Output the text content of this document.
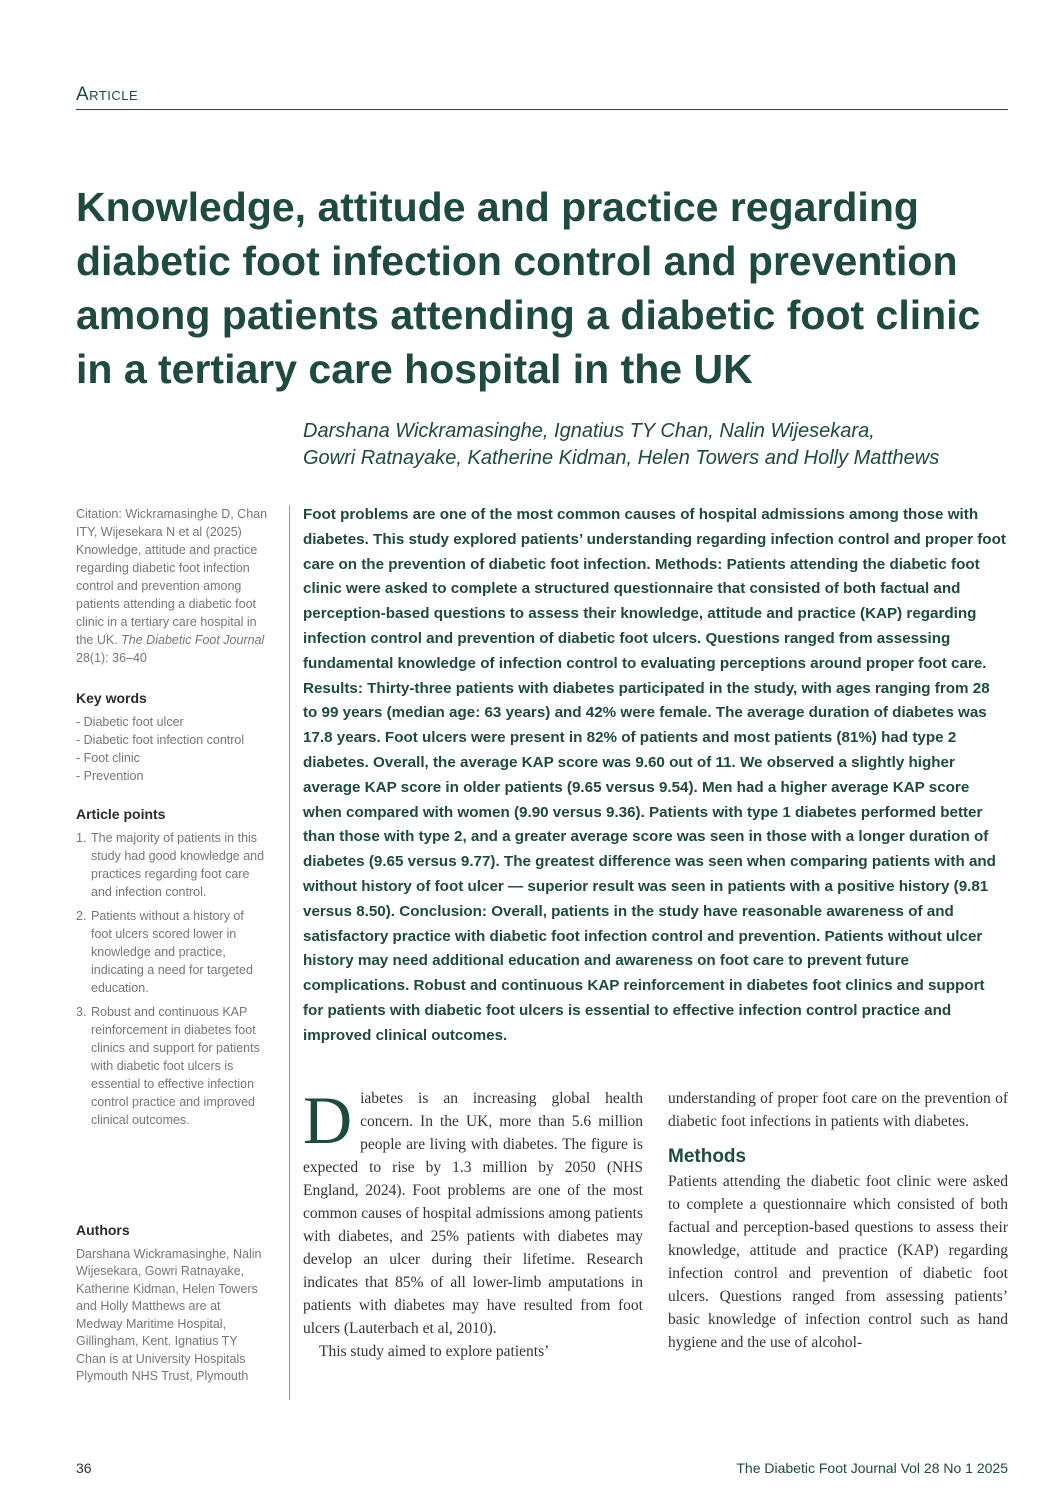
Article
Knowledge, attitude and practice regarding diabetic foot infection control and prevention among patients attending a diabetic foot clinic in a tertiary care hospital in the UK
Darshana Wickramasinghe, Ignatius TY Chan, Nalin Wijesekara,
Gowri Ratnayake, Katherine Kidman, Helen Towers and Holly Matthews
Citation: Wickramasinghe D, Chan ITY, Wijesekara N et al (2025) Knowledge, attitude and practice regarding diabetic foot infection control and prevention among patients attending a diabetic foot clinic in a tertiary care hospital in the UK. The Diabetic Foot Journal 28(1): 36–40
Key words
- Diabetic foot ulcer
- Diabetic foot infection control
- Foot clinic
- Prevention
Article points
1. The majority of patients in this study had good knowledge and practices regarding foot care and infection control.
2. Patients without a history of foot ulcers scored lower in knowledge and practice, indicating a need for targeted education.
3. Robust and continuous KAP reinforcement in diabetes foot clinics and support for patients with diabetic foot ulcers is essential to effective infection control practice and improved clinical outcomes.
Authors
Darshana Wickramasinghe, Nalin Wijesekara, Gowri Ratnayake, Katherine Kidman, Helen Towers and Holly Matthews are at Medway Maritime Hospital, Gillingham, Kent. Ignatius TY Chan is at University Hospitals Plymouth NHS Trust, Plymouth

Foot problems are one of the most common causes of hospital admissions among those with diabetes. This study explored patients’ understanding regarding infection control and proper foot care on the prevention of diabetic foot infection. Methods: Patients attending the diabetic foot clinic were asked to complete a structured questionnaire that consisted of both factual and perception-based questions to assess their knowledge, attitude and practice (KAP) regarding infection control and prevention of diabetic foot ulcers. Questions ranged from assessing fundamental knowledge of infection control to evaluating perceptions around proper foot care. Results: Thirty-three patients with diabetes participated in the study, with ages ranging from 28 to 99 years (median age: 63 years) and 42% were female. The average duration of diabetes was 17.8 years. Foot ulcers were present in 82% of patients and most patients (81%) had type 2 diabetes. Overall, the average KAP score was 9.60 out of 11. We observed a slightly higher average KAP score in older patients (9.65 versus 9.54). Men had a higher average KAP score when compared with women (9.90 versus 9.36). Patients with type 1 diabetes performed better than those with type 2, and a greater average score was seen in those with a longer duration of diabetes (9.65 versus 9.77). The greatest difference was seen when comparing patients with and without history of foot ulcer — superior result was seen in patients with a positive history (9.81 versus 8.50). Conclusion: Overall, patients in the study have reasonable awareness of and satisfactory practice with diabetic foot infection control and prevention. Patients without ulcer history may need additional education and awareness on foot care to prevent future complications. Robust and continuous KAP reinforcement in diabetes foot clinics and support for patients with diabetic foot ulcers is essential to effective infection control practice and improved clinical outcomes.

D iabetes is an increasing global health concern. In the UK, more than 5.6 million people are living with diabetes. The figure is expected to rise by 1.3 million by 2050 (NHS England, 2024). Foot problems are one of the most common causes of hospital admissions among patients with diabetes, and 25% patients with diabetes may develop an ulcer during their lifetime. Research indicates that 85% of all lower-limb amputations in patients with diabetes may have resulted from foot ulcers (Lauterbach et al, 2010).

This study aimed to explore patients’

understanding of proper foot care on the prevention of diabetic foot infections in patients with diabetes.

Methods

Patients attending the diabetic foot clinic were asked to complete a questionnaire which consisted of both factual and perception-based questions to assess their knowledge, attitude and practice (KAP) regarding infection control and prevention of diabetic foot ulcers. Questions ranged from assessing patients’ basic knowledge of infection control such as hand hygiene and the use of alcohol-

36	The Diabetic Foot Journal Vol 28 No 1 2025
